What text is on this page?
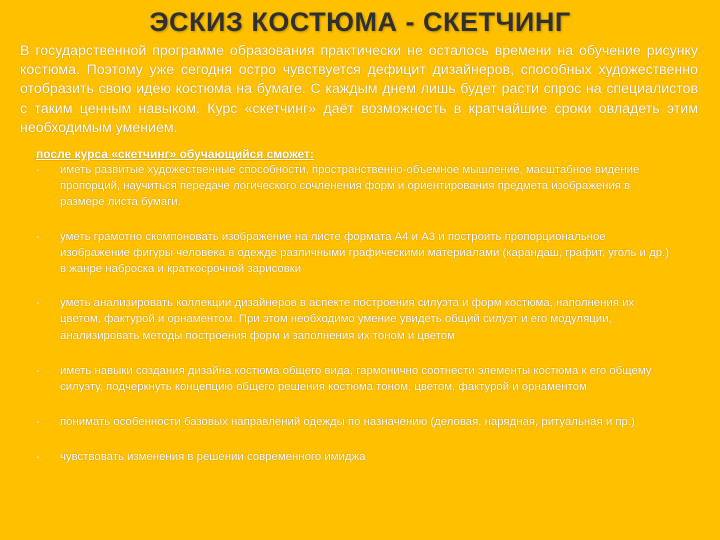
ЭСКИЗ КОСТЮМА - СКЕТЧИНГ

В государственной программе образования практически не осталось времени на обучение рисунку костюма. Поэтому уже сегодня остро чувствуется дефицит дизайнеров, способных художественно отобразить свою идею костюма на бумаге. С каждым днем лишь будет расти спрос на специалистов с таким ценным навыком. Курс «скетчинг» даёт возможность в кратчайшие сроки овладеть этим необходимым умением.

после курса «скетчинг» обучающийся сможет:

-	иметь развитые художественные способности, пространственно-объемное мышление, масштабное видение пропорций, научиться передаче логического сочленения форм и ориентирования предмета изображения в размере листа бумаги.
-	уметь грамотно скомпоновать изображение на листе формата А4 и А3 и построить пропорциональное изображение фигуры человека в одежде различными графическими материалами (карандаш, графит, уголь и др.) в жанре наброска и краткосрочной зарисовки
-	уметь анализировать коллекции дизайнеров в аспекте построения силуэта и форм костюма, наполнения их цветом, фактурой и орнаментом. При этом необходимо умение увидеть общий силуэт и его модуляции, анализировать методы построения форм и заполнения их тоном и цветом
-	иметь навыки создания дизайна костюма общего вида, гармонично соотнести элементы костюма к его общему силуэту, подчеркнуть концепцию общего решения костюма тоном, цветом, фактурой и орнаментом
-	понимать особенности базовых направлений одежды по назначению (деловая, нарядная, ритуальная и пр.)
-	чувствовать изменения в решении современного имиджа
